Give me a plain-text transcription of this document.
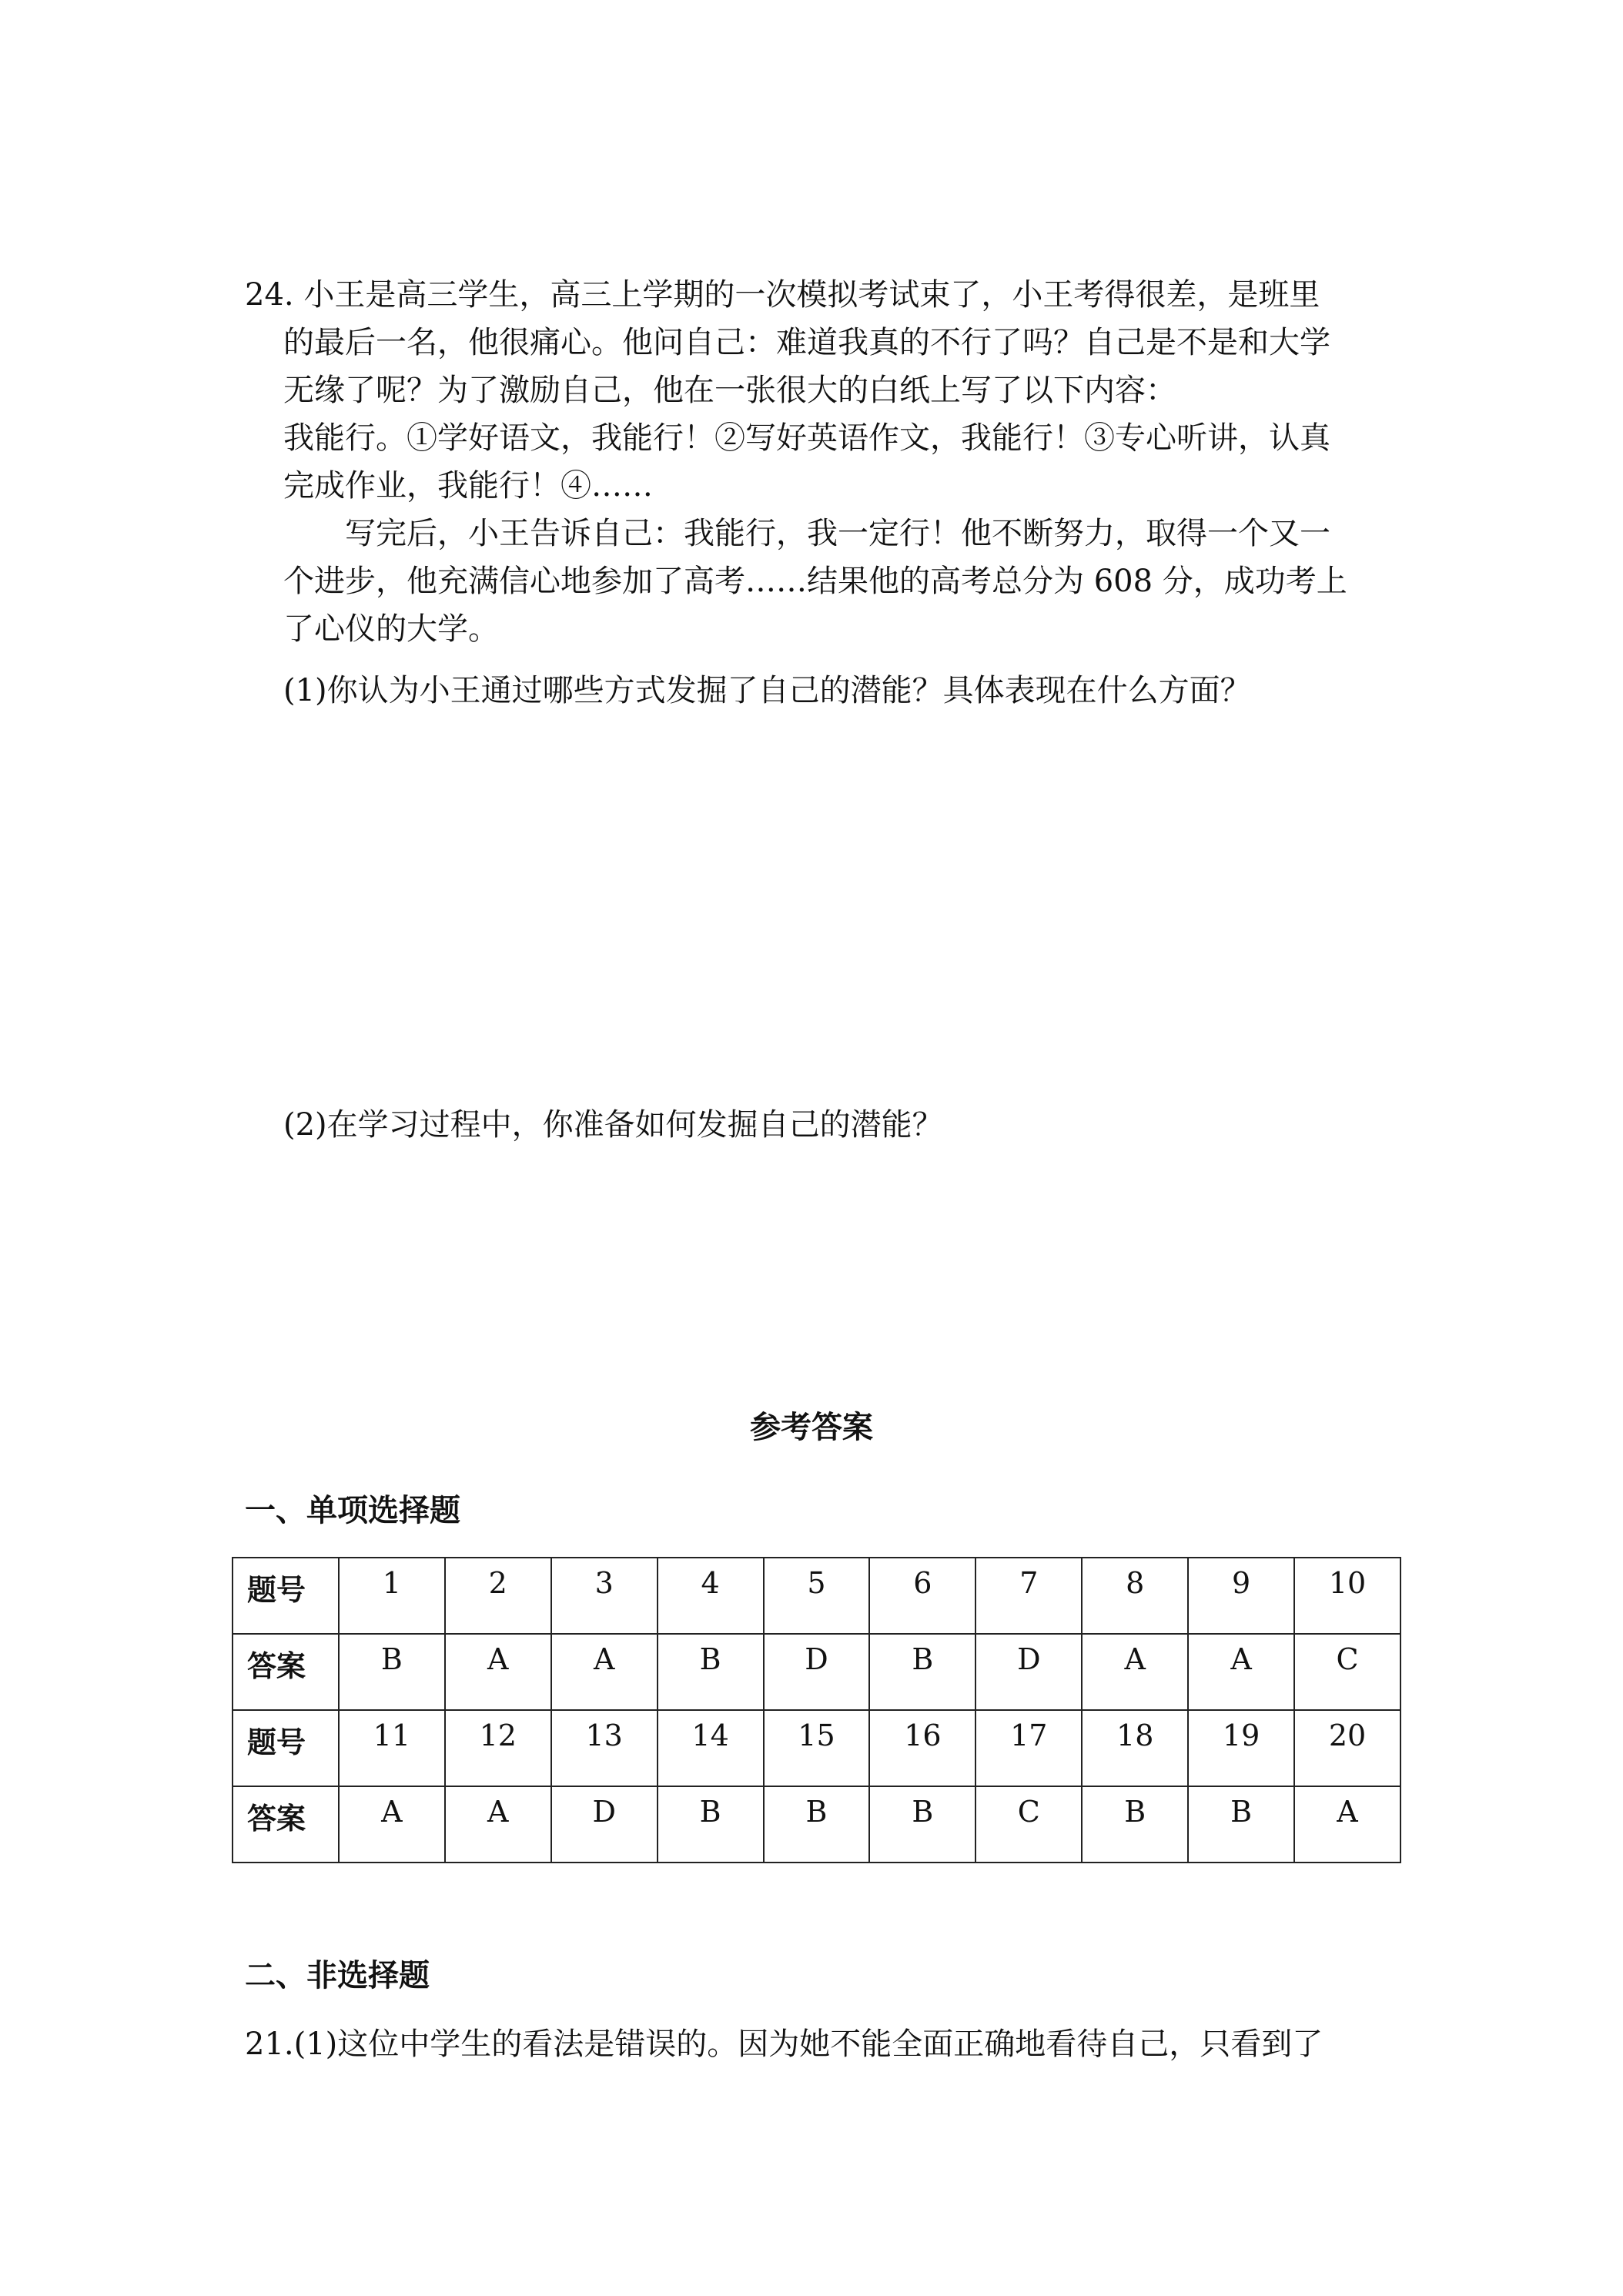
24. 小王是高三学生，高三上学期的一次模拟考试束了，小王考得很差，是班里
的最后一名，他很痛心。他问自己：难道我真的不行了吗？自己是不是和大学
无缘了呢？为了激励自己，他在一张很大的白纸上写了以下内容：
我能行。①学好语文，我能行！②写好英语作文，我能行！③专心听讲，认真
完成作业，我能行！④……
写完后，小王告诉自己：我能行，我一定行！他不断努力，取得一个又一
个进步，他充满信心地参加了高考……结果他的高考总分为 608 分，成功考上
了心仪的大学。
(1)你认为小王通过哪些方式发掘了自己的潜能？具体表现在什么方面？
(2)在学习过程中，你准备如何发掘自己的潜能？
参考答案
一、单项选择题
题号	1	2	3	4	5	6	7	8	9	10
答案	B	A	A	B	D	B	D	A	A	C
题号	11	12	13	14	15	16	17	18	19	20
答案	A	A	D	B	B	B	C	B	B	A
二、非选择题
21.(1)这位中学生的看法是错误的。因为她不能全面正确地看待自己，只看到了
